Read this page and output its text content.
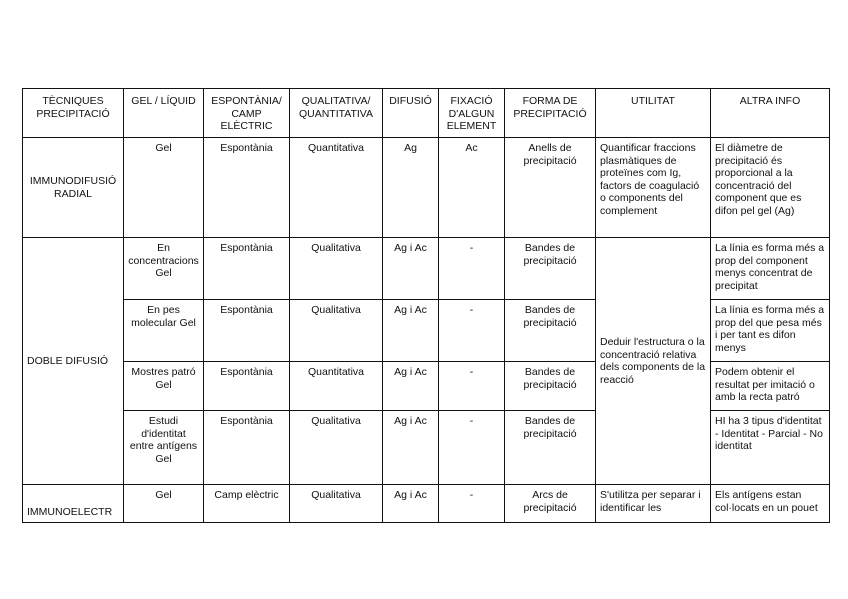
TÈCNIQUES PRECIPITACIÓ	GEL / LÍQUID	ESPONTÀNIA/ CAMP ELÈCTRIC	QUALITATIVA/ QUANTITATIVA	DIFUSIÓ	FIXACIÓ D'ALGUN ELEMENT	FORMA DE PRECIPITACIÓ	UTILITAT	ALTRA INFO
IMMUNODIFUSIÓ RADIAL	Gel	Espontània	Quantitativa	Ag	Ac	Anells de precipitació	Quantificar fraccions plasmàtiques de proteïnes com Ig, factors de coagulació o components del complement	El diàmetre de precipitació és proporcional a la concentració del component que es difon pel gel (Ag)
DOBLE DIFUSIÓ	En concentracions Gel	Espontània	Qualitativa	Ag i Ac	-	Bandes de precipitació	Deduir l'estructura o la concentració relativa dels components de la reacció	La línia es forma més a prop del component menys concentrat de precipitat
	En pes molecular Gel	Espontània	Qualitativa	Ag i Ac	-	Bandes de precipitació		La línia es forma més a prop del que pesa més i per tant es difon menys
	Mostres patró Gel	Espontània	Quantitativa	Ag i Ac	-	Bandes de precipitació		Podem obtenir el resultat per imitació o amb la recta patró
	Estudi d'identitat entre antígens Gel	Espontània	Qualitativa	Ag i Ac	-	Bandes de precipitació		HI ha 3 tipus d'identitat - Identitat - Parcial - No identitat
IMMUNOELECTR	Gel	Camp elèctric	Qualitativa	Ag i Ac	-	Arcs de precipitació	S'utilitza per separar i identificar les	Els antígens estan col·locats en un pouet
